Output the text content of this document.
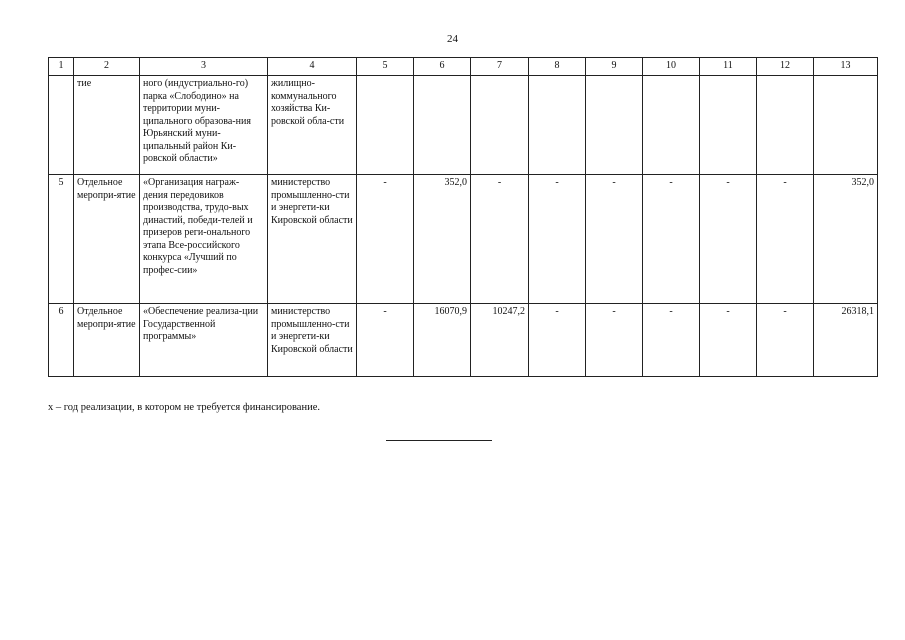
24
1	2	3	4	5	6	7	8	9	10	11	12	13
	тие	ного (индустриально-го) парка «Слободино» на территории муни-ципального образова-ния Юрьянский муни-ципальный район Ки-ровской области»	жилищно-коммунального хозяйства Ки-ровской обла-сти									
5	Отдельное меропри-ятие	«Организация награж-дения передовиков производства, трудо-вых династий, победи-телей и призеров реги-онального этапа Все-российского конкурса «Лучший по профес-сии»	министерство промышленно-сти и энергети-ки Кировской области	-	352,0	-	-	-	-	-	-	352,0
6	Отдельное меропри-ятие	«Обеспечение реализа-ции Государственной программы»	министерство промышленно-сти и энергети-ки Кировской области	-	16070,9	10247,2	-	-	-	-	-	26318,1
х – год реализации, в котором не требуется финансирование.
